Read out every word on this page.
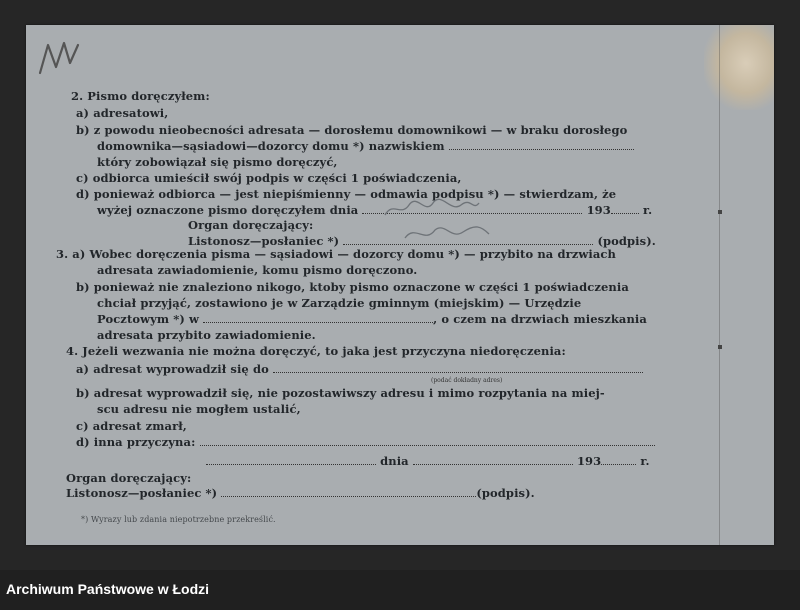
2. Pismo doręczyłem:
a) adresatowi,
b) z powodu nieobecności adresata — dorosłemu domownikowi — w braku dorosłego
domownika—sąsiadowi—dozorcy domu *) nazwiskiem
który zobowiązał się pismo doręczyć,
c) odbiorca umieścił swój podpis w części 1 poświadczenia,
d) ponieważ odbiorca — jest niepiśmienny — odmawia podpisu *) — stwierdzam, że
wyżej oznaczone pismo doręczyłem dnia	193	r.
Organ doręczający:
Listonosz—posłaniec *)	(podpis).
3. a) Wobec doręczenia pisma — sąsiadowi — dozorcy domu *) — przybito na drzwiach
adresata zawiadomienie, komu pismo doręczono.
b) ponieważ nie znaleziono nikogo, ktoby pismo oznaczone w części 1 poświadczenia
chciał przyjąć, zostawiono je w Zarządzie gminnym (miejskim) — Urzędzie
Pocztowym *) w	, o czem na drzwiach mieszkania
adresata przybito zawiadomienie.
4. Jeżeli wezwania nie można doręczyć, to jaka jest przyczyna niedoręczenia:
a) adresat wyprowadził się do
(podać dokładny adres)
b) adresat wyprowadził się, nie pozostawiwszy adresu i mimo rozpytania na miej-
scu adresu nie mogłem ustalić,
c) adresat zmarł,
d) inna przyczyna:
dnia	193	r.
Organ doręczający:
Listonosz—posłaniec *)	(podpis).
*) Wyrazy lub zdania niepotrzebne przekreślić.
Archiwum Państwowe w Łodzi
